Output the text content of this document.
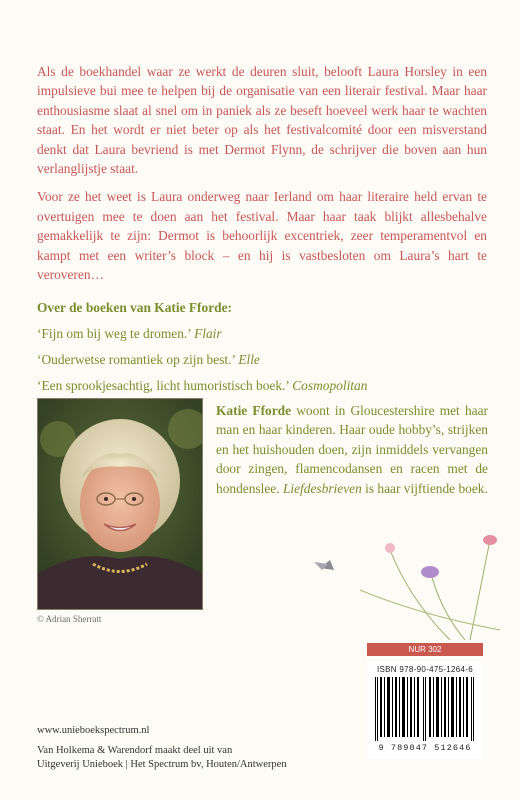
Als de boekhandel waar ze werkt de deuren sluit, belooft Laura Horsley in een impulsieve bui mee te helpen bij de organisatie van een literair festival. Maar haar enthousiasme slaat al snel om in paniek als ze beseft hoeveel werk haar te wachten staat. En het wordt er niet beter op als het festivalcomité door een misverstand denkt dat Laura bevriend is met Dermot Flynn, de schrijver die boven aan hun verlanglijstje staat.

Voor ze het weet is Laura onderweg naar Ierland om haar literaire held ervan te overtuigen mee te doen aan het festival. Maar haar taak blijkt allesbehalve gemakkelijk te zijn: Dermot is behoorlijk excentriek, zeer temperamentvol en kampt met een writer’s block – en hij is vastbesloten om Laura’s hart te veroveren…

Over de boeken van Katie Fforde:
‘Fijn om bij weg te dromen.’ Flair
‘Ouderwetse romantiek op zijn best.’ Elle
‘Een sprookjesachtig, licht humoristisch boek.’ Cosmopolitan
© Adrian Sherratt
Katie Fforde woont in Gloucestershire met haar man en haar kinderen. Haar oude hobby’s, strijken en het huishouden doen, zijn inmiddels vervangen door zingen, flamencodansen en racen met de hondenslee. Liefdesbrieven is haar vijftiende boek.
NUR 302
ISBN 978-90-475-1264-6
9 789047 512646
www.unieboekspectrum.nl
Van Holkema & Warendorf maakt deel uit van
Uitgeverij Unieboek | Het Spectrum bv, Houten/Antwerpen
